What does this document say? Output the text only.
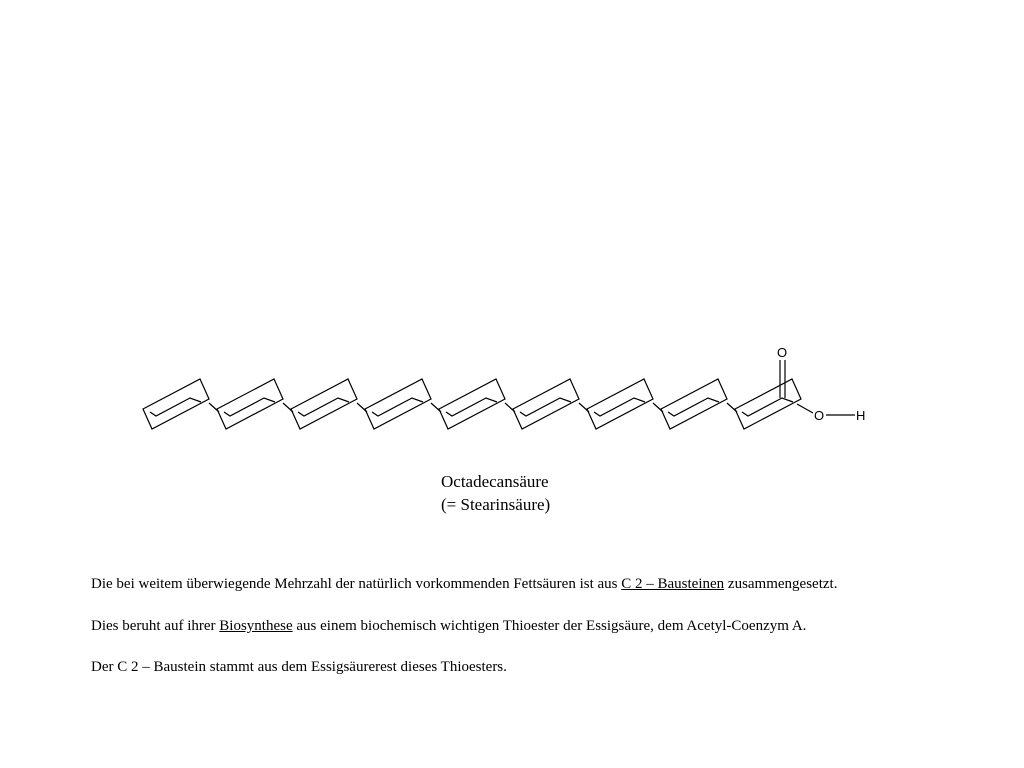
O
O H
Octadecansäure
(= Stearinsäure)
Die bei weitem überwiegende Mehrzahl der natürlich vorkommenden Fettsäuren ist aus C 2 – Bausteinen zusammengesetzt.
Dies beruht auf ihrer Biosynthese aus einem biochemisch wichtigen Thioester der Essigsäure, dem Acetyl-Coenzym A.
Der C 2 – Baustein stammt aus dem Essigsäurerest dieses Thioesters.
